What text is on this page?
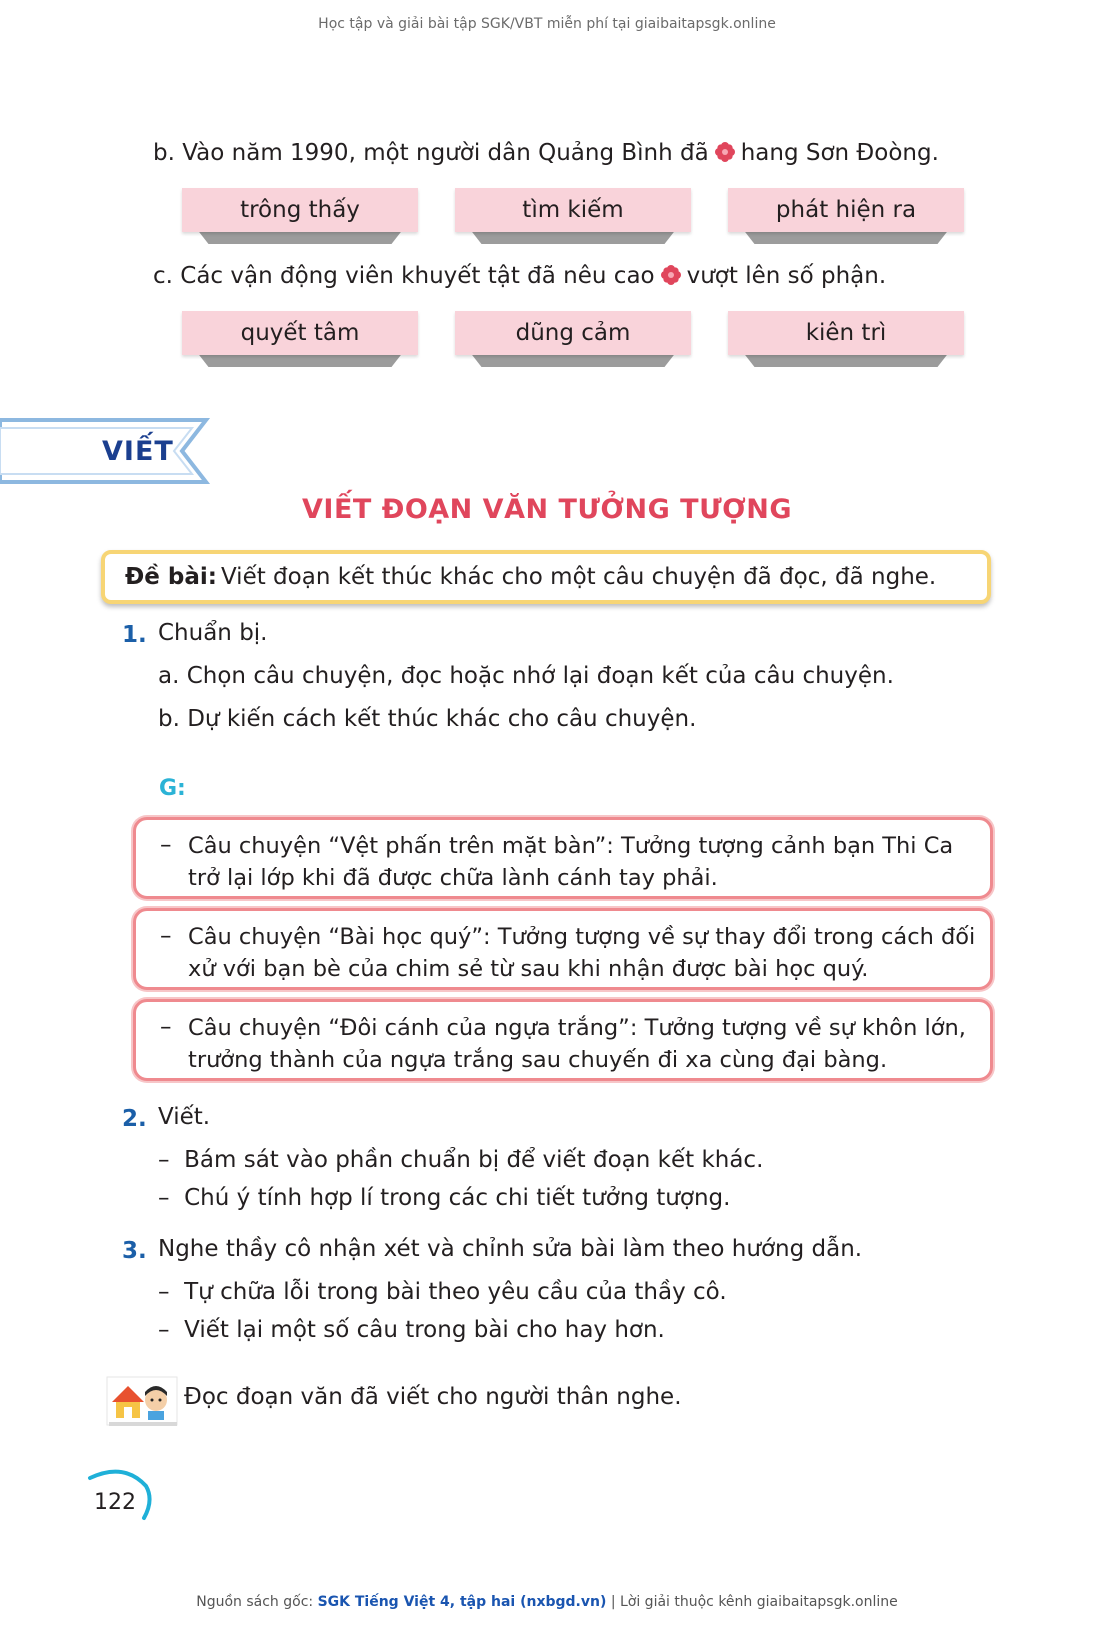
Học tập và giải bài tập SGK/VBT miễn phí tại giaibaitapsgk.online
b. Vào năm 1990, một người dân Quảng Bình đã hang Sơn Đoòng.
trông thấy	tìm kiếm	phát hiện ra
c. Các vận động viên khuyết tật đã nêu cao vượt lên số phận.
quyết tâm	dũng cảm	kiên trì
VIẾT
VIẾT ĐOẠN VĂN TƯỞNG TƯỢNG
Đề bài: Viết đoạn kết thúc khác cho một câu chuyện đã đọc, đã nghe.
1. Chuẩn bị.
a. Chọn câu chuyện, đọc hoặc nhớ lại đoạn kết của câu chuyện.
b. Dự kiến cách kết thúc khác cho câu chuyện.
G:
– Câu chuyện “Vệt phấn trên mặt bàn”: Tưởng tượng cảnh bạn Thi Ca trở lại lớp khi đã được chữa lành cánh tay phải.
– Câu chuyện “Bài học quý”: Tưởng tượng về sự thay đổi trong cách đối xử với bạn bè của chim sẻ từ sau khi nhận được bài học quý.
– Câu chuyện “Đôi cánh của ngựa trắng”: Tưởng tượng về sự khôn lớn, trưởng thành của ngựa trắng sau chuyến đi xa cùng đại bàng.
2. Viết.
– Bám sát vào phần chuẩn bị để viết đoạn kết khác.
– Chú ý tính hợp lí trong các chi tiết tưởng tượng.
3. Nghe thầy cô nhận xét và chỉnh sửa bài làm theo hướng dẫn.
– Tự chữa lỗi trong bài theo yêu cầu của thầy cô.
– Viết lại một số câu trong bài cho hay hơn.
Đọc đoạn văn đã viết cho người thân nghe.
122
Nguồn sách gốc: SGK Tiếng Việt 4, tập hai (nxbgd.vn) | Lời giải thuộc kênh giaibaitapsgk.online
